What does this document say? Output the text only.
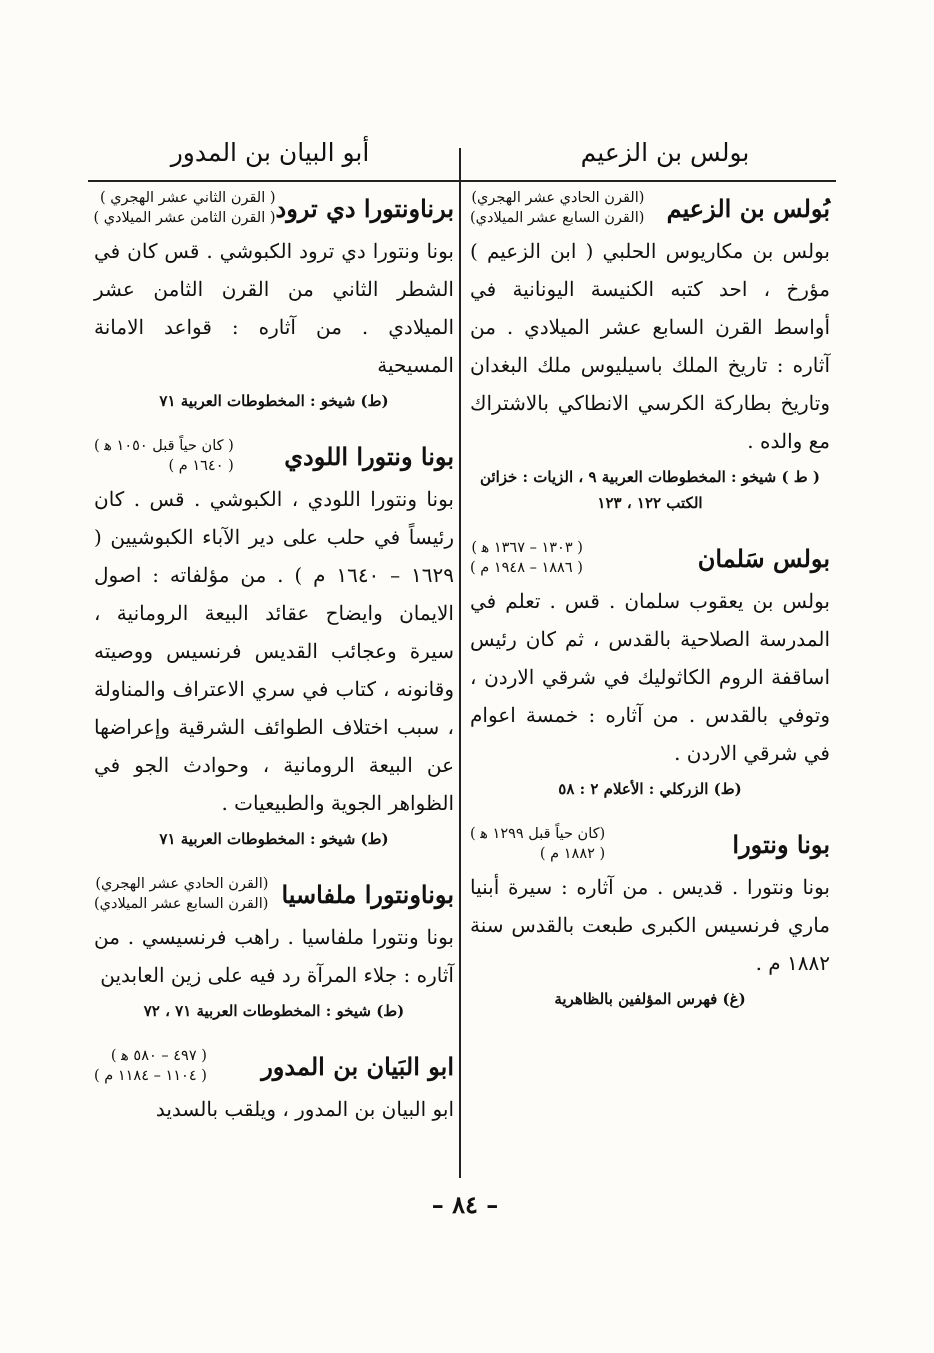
بولس بن الزعيم
أبو البيان بن المدور
بُولس بن الزعيم
(القرن الحادي عشر الهجري)
(القرن السابع عشر الميلادي)

بولس بن مكاريوس الحلبي ( ابن الزعيم ) مؤرخ ، احد كتبه الكنيسة اليونانية في أواسط القرن السابع عشر الميلادي . من آثاره : تاريخ الملك باسيليوس ملك البغدان وتاريخ بطاركة الكرسي الانطاكي بالاشتراك مع والده .

( ط ) شيخو : المخطوطات العربية ٩ ، الزيات : خزائن الكتب ١٢٢ ، ١٢٣

بولس سَلمان
( ١٣٠٣ – ١٣٦٧ ﻫ )
( ١٨٨٦ – ١٩٤٨ م )

بولس بن يعقوب سلمان . قس . تعلم في المدرسة الصلاحية بالقدس ، ثم كان رئيس اساقفة الروم الكاثوليك في شرقي الاردن ، وتوفي بالقدس . من آثاره : خمسة اعوام في شرقي الاردن .

(ط) الزركلي : الأعلام ٢ : ٥٨

بونا ونتورا
(كان حياً قبل ١٢٩٩ ﻫ )
( ١٨٨٢ م )

بونا ونتورا . قديس . من آثاره : سيرة أبنيا ماري فرنسيس الكبرى طبعت بالقدس سنة ١٨٨٢ م .

(غ) فهرس المؤلفين بالظاهرية

برناونتورا دي ترود
( القرن الثاني عشر الهجري )
( القرن الثامن عشر الميلادي )

بونا ونتورا دي ترود الكبوشي . قس كان في الشطر الثاني من القرن الثامن عشر الميلادي . من آثاره : قواعد الامانة المسيحية

(ط) شيخو : المخطوطات العربية ٧١

بونا ونتورا اللودي
( كان حياً قبل ١٠٥٠ ﻫ )
( ١٦٤٠ م )

بونا ونتورا اللودي ، الكبوشي . قس . كان رئيساً في حلب على دير الآباء الكبوشيين ( ١٦٢٩ – ١٦٤٠ م ) . من مؤلفاته : اصول الايمان وايضاح عقائد البيعة الرومانية ، سيرة وعجائب القديس فرنسيس ووصيته وقانونه ، كتاب في سري الاعتراف والمناولة ، سبب اختلاف الطوائف الشرقية وإعراضها عن البيعة الرومانية ، وحوادث الجو في الظواهر الجوية والطبيعيات .

(ط) شيخو : المخطوطات العربية ٧١

بوناونتورا ملفاسيا
(القرن الحادي عشر الهجري)
(القرن السابع عشر الميلادي)

بونا ونتورا ملفاسيا . راهب فرنسيسي . من آثاره : جلاء المرآة رد فيه على زين العابدين

(ط) شيخو : المخطوطات العربية ٧١ ، ٧٢

ابو البَيان بن المدور
( ٤٩٧ – ٥٨٠ ﻫ )
( ١١٠٤ – ١١٨٤ م )

ابو البيان بن المدور ، ويلقب بالسديد

– ٨٤ –
